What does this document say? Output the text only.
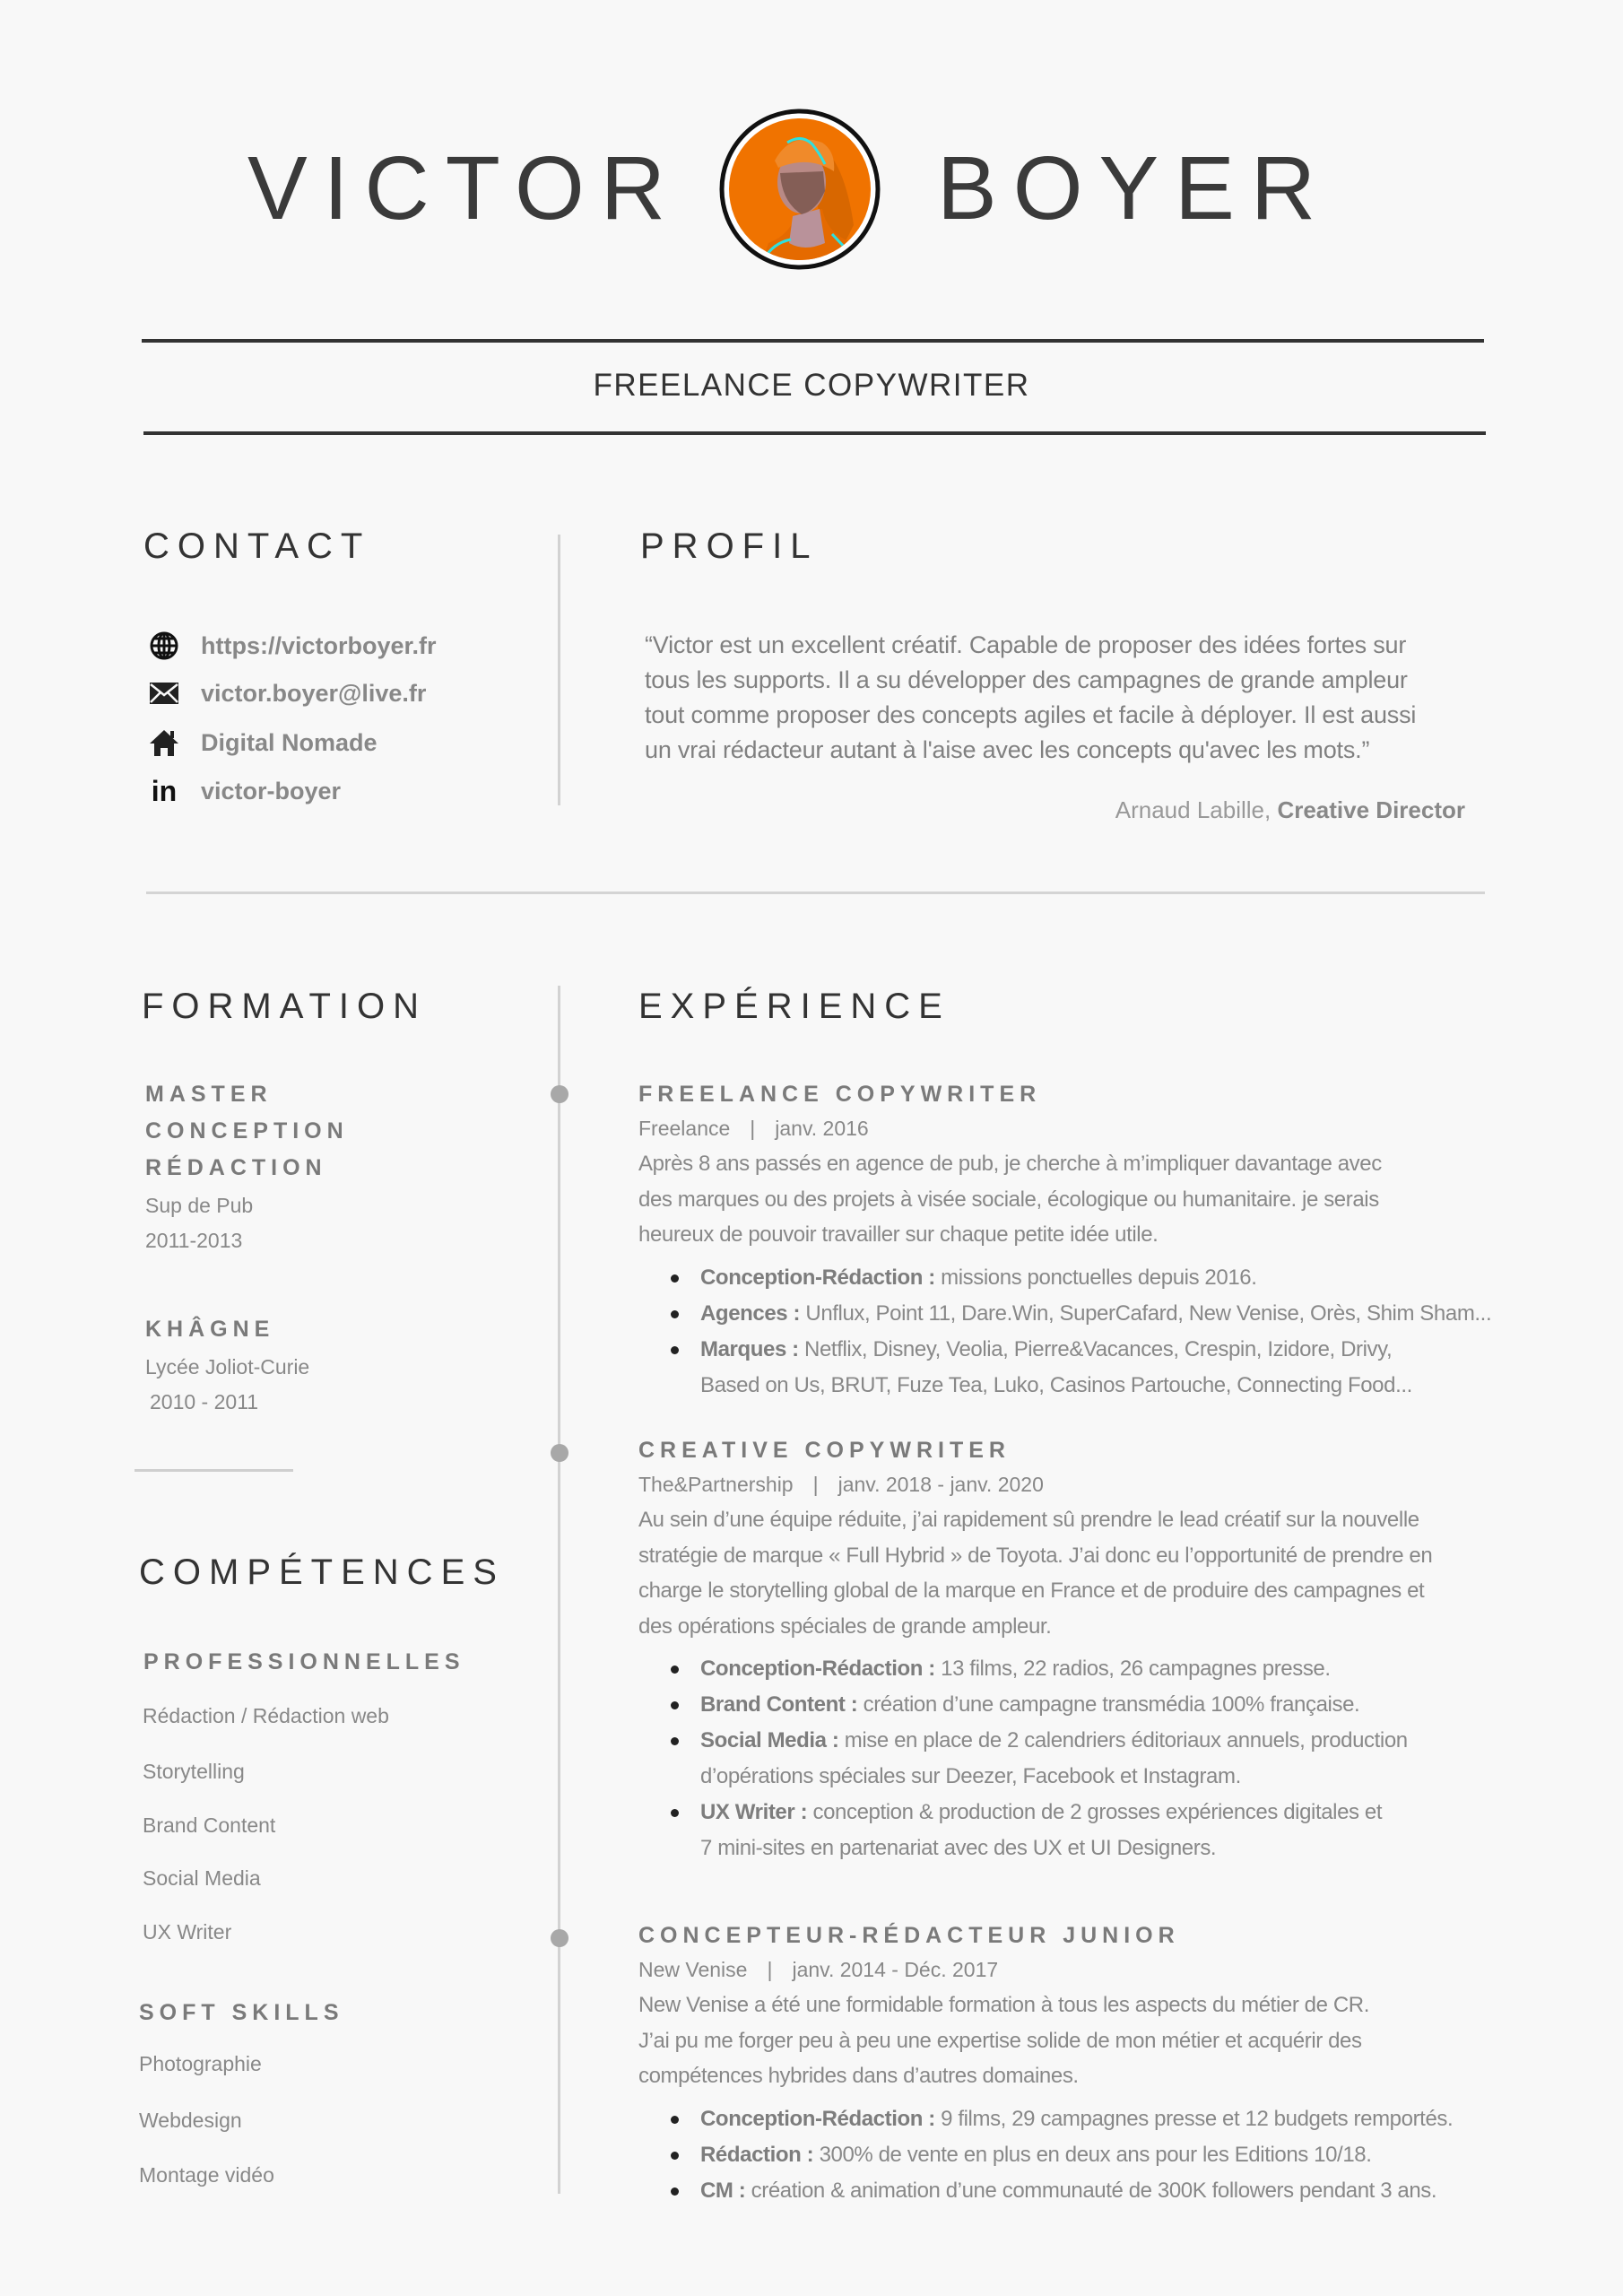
VICTOR	BOYER
FREELANCE COPYWRITER
CONTACT
https://victorboyer.fr
victor.boyer@live.fr
Digital Nomade
in victor-boyer
PROFIL
“Victor est un excellent créatif. Capable de proposer des idées fortes sur
tous les supports. Il a su développer des campagnes de grande ampleur
tout comme proposer des concepts agiles et facile à déployer. Il est aussi
un vrai rédacteur autant à l'aise avec les concepts qu'avec les mots.”
Arnaud Labille, Creative Director
FORMATION
MASTER
CONCEPTION
RÉDACTION
Sup de Pub
2011-2013
KHÂGNE
Lycée Joliot-Curie
2010 - 2011
COMPÉTENCES
PROFESSIONNELLES
Rédaction / Rédaction web
Storytelling
Brand Content
Social Media
UX Writer
SOFT SKILLS
Photographie
Webdesign
Montage vidéo
EXPÉRIENCE
FREELANCE COPYWRITER
Freelance | janv. 2016
Après 8 ans passés en agence de pub, je cherche à m’impliquer davantage avec
des marques ou des projets à visée sociale, écologique ou humanitaire. je serais
heureux de pouvoir travailler sur chaque petite idée utile.
Conception-Rédaction : missions ponctuelles depuis 2016.
Agences : Unflux, Point 11, Dare.Win, SuperCafard, New Venise, Orès, Shim Sham...
Marques : Netflix, Disney, Veolia, Pierre&Vacances, Crespin, Izidore, Drivy,
Based on Us, BRUT, Fuze Tea, Luko, Casinos Partouche, Connecting Food...
CREATIVE COPYWRITER
The&Partnership | janv. 2018 - janv. 2020
Au sein d’une équipe réduite, j’ai rapidement sû prendre le lead créatif sur la nouvelle
stratégie de marque « Full Hybrid » de Toyota. J’ai donc eu l’opportunité de prendre en
charge le storytelling global de la marque en France et de produire des campagnes et
des opérations spéciales de grande ampleur.
Conception-Rédaction : 13 films, 22 radios, 26 campagnes presse.
Brand Content : création d’une campagne transmédia 100% française.
Social Media : mise en place de 2 calendriers éditoriaux annuels, production
d’opérations spéciales sur Deezer, Facebook et Instagram.
UX Writer : conception & production de 2 grosses expériences digitales et
7 mini-sites en partenariat avec des UX et UI Designers.
CONCEPTEUR-RÉDACTEUR JUNIOR
New Venise | janv. 2014 - Déc. 2017
New Venise a été une formidable formation à tous les aspects du métier de CR.
J’ai pu me forger peu à peu une expertise solide de mon métier et acquérir des
compétences hybrides dans d’autres domaines.
Conception-Rédaction : 9 films, 29 campagnes presse et 12 budgets remportés.
Rédaction : 300% de vente en plus en deux ans pour les Editions 10/18.
CM : création & animation d’une communauté de 300K followers pendant 3 ans.
